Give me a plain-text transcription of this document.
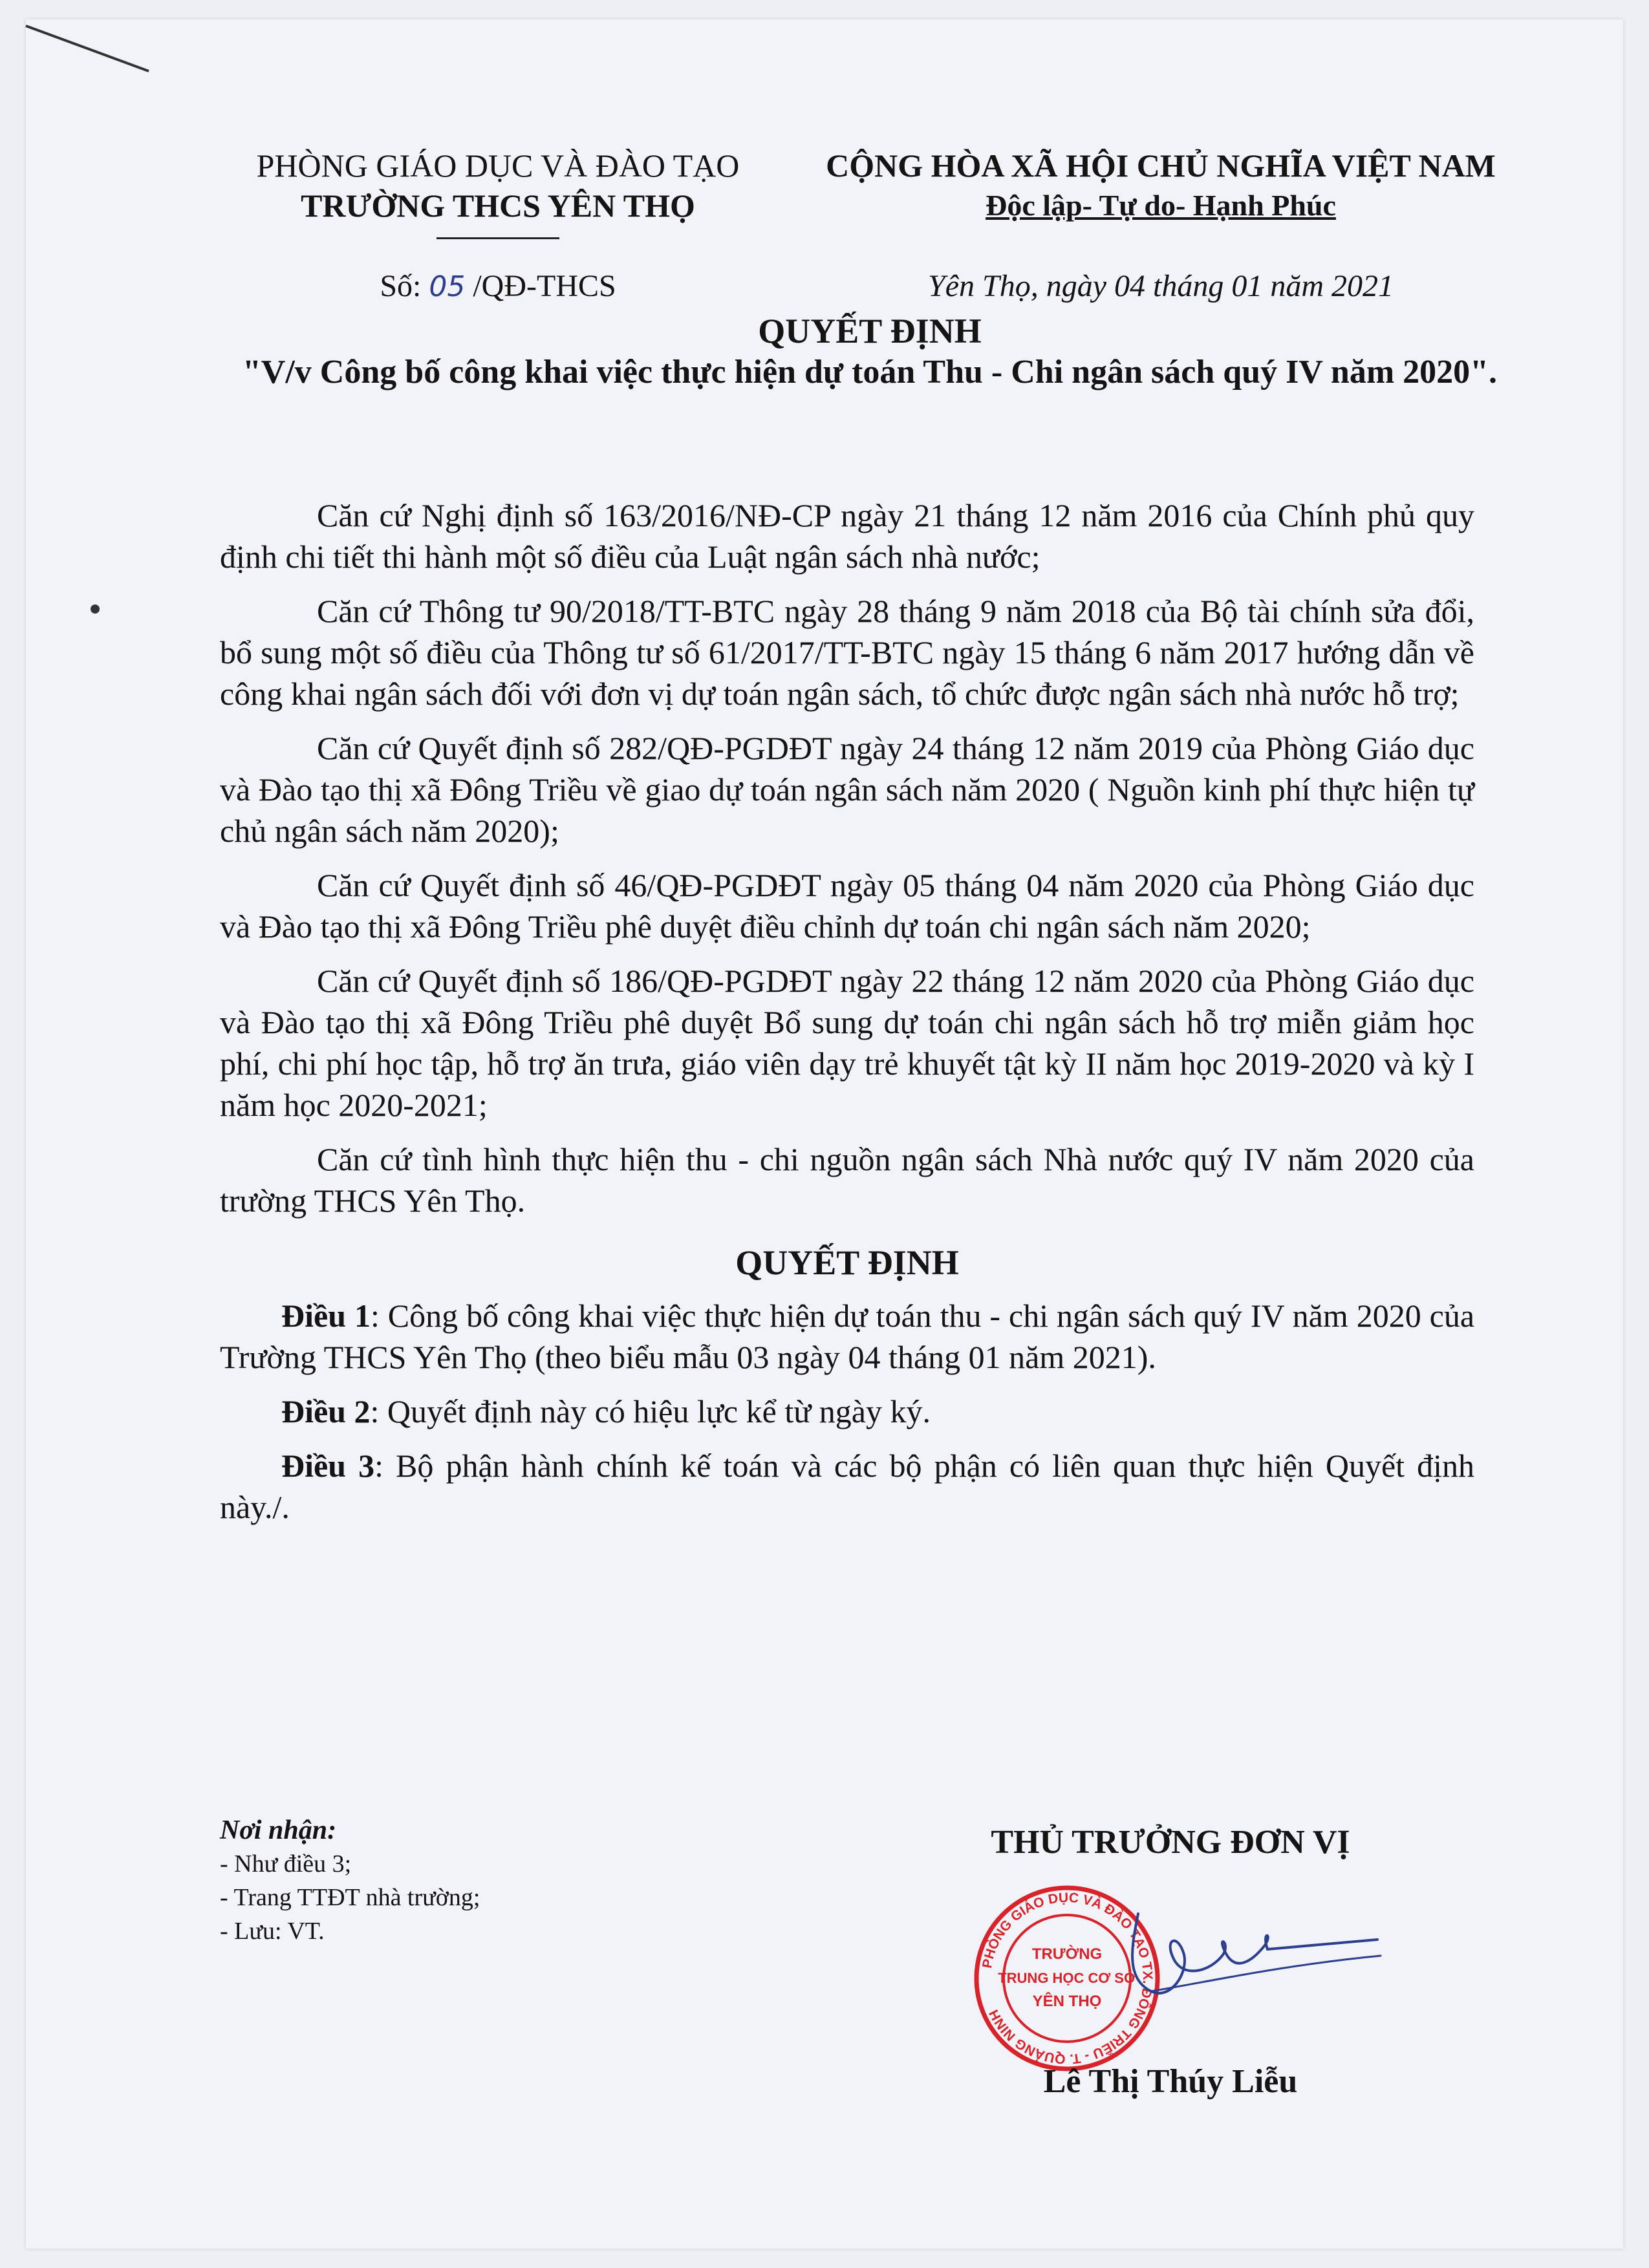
PHÒNG GIÁO DỤC VÀ ĐÀO TẠO
TRƯỜNG THCS YÊN THỌ
CỘNG HÒA XÃ HỘI CHỦ NGHĨA VIỆT NAM
Độc lập- Tự do- Hạnh Phúc
Số: 05 /QĐ-THCS	Yên Thọ, ngày 04 tháng 01 năm 2021
QUYẾT ĐỊNH
"V/v Công bố công khai việc thực hiện dự toán Thu - Chi ngân sách quý IV năm 2020".

Căn cứ Nghị định số 163/2016/NĐ-CP ngày 21 tháng 12 năm 2016 của Chính phủ quy định chi tiết thi hành một số điều của Luật ngân sách nhà nước;

Căn cứ Thông tư 90/2018/TT-BTC ngày 28 tháng 9 năm 2018 của Bộ tài chính sửa đổi, bổ sung một số điều của Thông tư số 61/2017/TT-BTC ngày 15 tháng 6 năm 2017 hướng dẫn về công khai ngân sách đối với đơn vị dự toán ngân sách, tổ chức được ngân sách nhà nước hỗ trợ;

Căn cứ Quyết định số 282/QĐ-PGDĐT ngày 24 tháng 12 năm 2019 của Phòng Giáo dục và Đào tạo thị xã Đông Triều về giao dự toán ngân sách năm 2020 ( Nguồn kinh phí thực hiện tự chủ ngân sách năm 2020);

Căn cứ Quyết định số 46/QĐ-PGDĐT ngày 05 tháng 04 năm 2020 của Phòng Giáo dục và Đào tạo thị xã Đông Triều phê duyệt điều chỉnh dự toán chi ngân sách năm 2020;

Căn cứ Quyết định số 186/QĐ-PGDĐT ngày 22 tháng 12 năm 2020 của Phòng Giáo dục và Đào tạo thị xã Đông Triều phê duyệt Bổ sung dự toán chi ngân sách hỗ trợ miễn giảm học phí, chi phí học tập, hỗ trợ ăn trưa, giáo viên dạy trẻ khuyết tật kỳ II năm học 2019-2020 và kỳ I năm học 2020-2021;

Căn cứ tình hình thực hiện thu - chi nguồn ngân sách Nhà nước quý IV năm 2020 của trường THCS Yên Thọ.

QUYẾT ĐỊNH

Điều 1: Công bố công khai việc thực hiện dự toán thu - chi ngân sách quý IV năm 2020 của Trường THCS Yên Thọ (theo biểu mẫu 03 ngày 04 tháng 01 năm 2021).

Điều 2: Quyết định này có hiệu lực kể từ ngày ký.

Điều 3: Bộ phận hành chính kế toán và các bộ phận có liên quan thực hiện Quyết định này./.

Nơi nhận:
- Như điều 3;
- Trang TTĐT nhà trường;
- Lưu: VT.
THỦ TRƯỞNG ĐƠN VỊ
PHÒNG GIÁO DỤC VÀ ĐÀO TẠO TX. ĐÔNG TRIỀU - T. QUẢNG NINH
TRƯỜNG
TRUNG HỌC CƠ SỞ
YÊN THỌ
Lê Thị Thúy Liễu
